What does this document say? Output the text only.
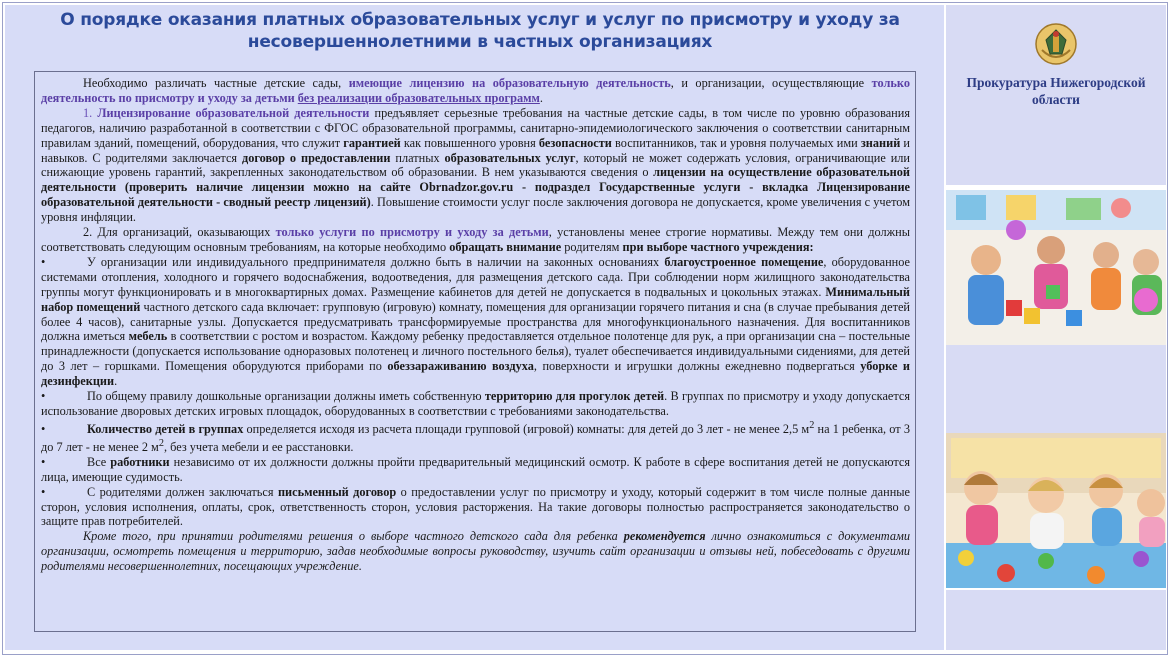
О порядке оказания платных образовательных услуг и услуг по присмотру и уходу за несовершеннолетними в частных организациях

Необходимо различать частные детские сады, имеющие лицензию на образовательную деятельность, и организации, осуществляющие только деятельность по присмотру и уходу за детьми без реализации образовательных программ.

1. Лицензирование образовательной деятельности предъявляет серьезные требования на частные детские сады, в том числе по уровню образования педагогов, наличию разработанной в соответствии с ФГОС образовательной программы, санитарно-эпидемиологического заключения о соответствии санитарным правилам зданий, помещений, оборудования, что служит гарантией как повышенного уровня безопасности воспитанников, так и уровня получаемых ими знаний и навыков. С родителями заключается договор о предоставлении платных образовательных услуг, который не может содержать условия, ограничивающие или снижающие уровень гарантий, закрепленных законодательством об образовании. В нем указываются сведения о лицензии на осуществление образовательной деятельности (проверить наличие лицензии можно на сайте Obrnadzor.gov.ru - подраздел Государственные услуги - вкладка Лицензирование образовательной деятельности - сводный реестр лицензий). Повышение стоимости услуг после заключения договора не допускается, кроме увеличения с учетом уровня инфляции.

2. Для организаций, оказывающих только услуги по присмотру и уходу за детьми, установлены менее строгие нормативы. Между тем они должны соответствовать следующим основным требованиям, на которые необходимо обращать внимание родителям при выборе частного учреждения:

•	У организации или индивидуального предпринимателя должно быть в наличии на законных основаниях благоустроенное помещение, оборудованное системами отопления, холодного и горячего водоснабжения, водоотведения, для размещения детского сада. При соблюдении норм жилищного законодательства группы могут функционировать и в многоквартирных домах. Размещение кабинетов для детей не допускается в подвальных и цокольных этажах. Минимальный набор помещений частного детского сада включает: групповую (игровую) комнату, помещения для организации горячего питания и сна (в случае пребывания детей более 4 часов), санитарные узлы. Допускается предусматривать трансформируемые пространства для многофункционального назначения. Для воспитанников должна иметься мебель в соответствии с ростом и возрастом. Каждому ребенку предоставляется отдельное полотенце для рук, а при организации сна – постельные принадлежности (допускается использование одноразовых полотенец и личного постельного белья), туалет обеспечивается индивидуальными сидениями, для детей до 3 лет – горшками. Помещения оборудуются приборами по обеззараживанию воздуха, поверхности и игрушки должны ежедневно подвергаться уборке и дезинфекции.

•	По общему правилу дошкольные организации должны иметь собственную территорию для прогулок детей. В группах по присмотру и уходу допускается использование дворовых детских игровых площадок, оборудованных в соответствии с требованиями законодательства.

•	Количество детей в группах определяется исходя из расчета площади групповой (игровой) комнаты: для детей до 3 лет - не менее 2,5 $м^2$ на 1 ребенка, от 3 до 7 лет - не менее 2 $м^2$, без учета мебели и ее расстановки.

•	Все работники независимо от их должности должны пройти предварительный медицинский осмотр. К работе в сфере воспитания детей не допускаются лица, имеющие судимость.

•	С родителями должен заключаться письменный договор о предоставлении услуг по присмотру и уходу, который содержит в том числе полные данные сторон, условия исполнения, оплаты, срок, ответственность сторон, условия расторжения. На такие договоры полностью распространяется законодательство о защите прав потребителей.

Кроме того, при принятии родителями решения о выборе частного детского сада для ребенка рекомендуется лично ознакомиться с документами организации, осмотреть помещения и территорию, задав необходимые вопросы руководству, изучить сайт организации и отзывы ней, побеседовать с другими родителями несовершеннолетних, посещающих учреждение.

Прокуратура Нижегородской области
